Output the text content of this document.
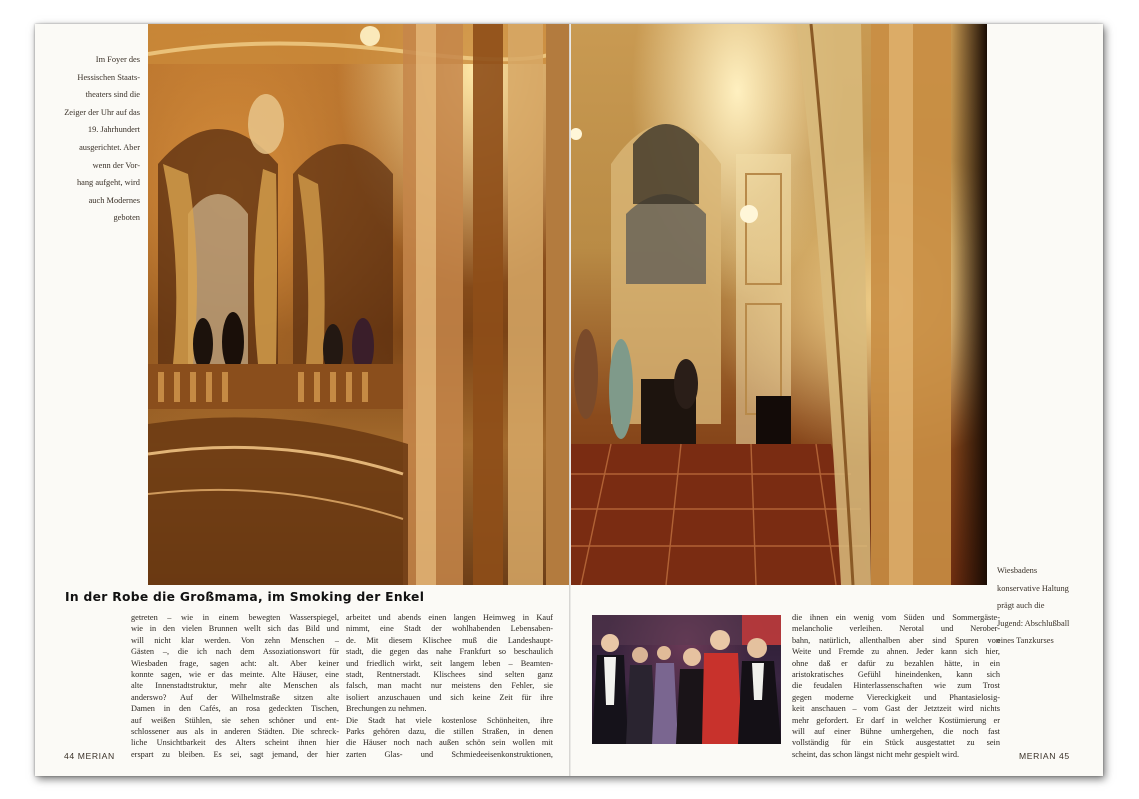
Im Foyer des
Hessischen Staats-
theaters sind die
Zeiger der Uhr auf das
19. Jahrhundert
ausgerichtet. Aber
wenn der Vor-
hang aufgeht, wird
auch Modernes
geboten
Wiesbadens
konservative Haltung
prägt auch die
Jugend: Abschlußball
eines Tanzkurses
In der Robe die Großmama, im Smoking der Enkel
getreten – wie in einem bewegten Wasserspiegel,
wie in den vielen Brunnen wellt sich das Bild und
will nicht klar werden. Von zehn Menschen –
Gästen –, die ich nach dem Assoziationswort für
Wiesbaden frage, sagen acht: alt. Aber keiner
konnte sagen, wie er das meinte. Alte Häuser, eine
alte Innenstadtstruktur, mehr alte Menschen als
anderswo? Auf der Wilhelmstraße sitzen alte
Damen in den Cafés, an rosa gedeckten Tischen,
auf weißen Stühlen, sie sehen schöner und ent-
schlossener aus als in anderen Städten. Die schreck-
liche Unsichtbarkeit des Alters scheint ihnen hier
erspart zu bleiben. Es sei, sagt jemand, der hier
arbeitet und abends einen langen Heimweg in Kauf
nimmt, eine Stadt der wohlhabenden Lebensaben-
de. Mit diesem Klischee muß die Landeshaupt-
stadt, die gegen das nahe Frankfurt so beschaulich
und friedlich wirkt, seit langem leben – Beamten-
stadt, Rentnerstadt. Klischees sind selten ganz
falsch, man macht nur meistens den Fehler, sie
isoliert anzuschauen und sich keine Zeit für ihre
Brechungen zu nehmen.
Die Stadt hat viele kostenlose Schönheiten, ihre
Parks gehören dazu, die stillen Straßen, in denen
die Häuser noch nach außen schön sein wollen mit
zarten Glas- und Schmiedeeisenkonstruktionen,
die ihnen ein wenig vom Süden und Sommergäste-
melancholie verleihen. Nerotal und Nerober-
bahn, natürlich, allenthalben aber sind Spuren von
Weite und Fremde zu ahnen. Jeder kann sich hier,
ohne daß er dafür zu bezahlen hätte, in ein
aristokratisches Gefühl hineindenken, kann sich
die feudalen Hinterlassenschaften wie zum Trost
gegen moderne Viereckigkeit und Phantasielosig-
keit anschauen – vom Gast der Jetztzeit wird nichts
mehr gefordert. Er darf in welcher Kostümierung er
will auf einer Bühne umhergehen, die noch fast
vollständig für ein Stück ausgestattet zu sein
scheint, das schon längst nicht mehr gespielt wird.
44 MERIAN	MERIAN 45
